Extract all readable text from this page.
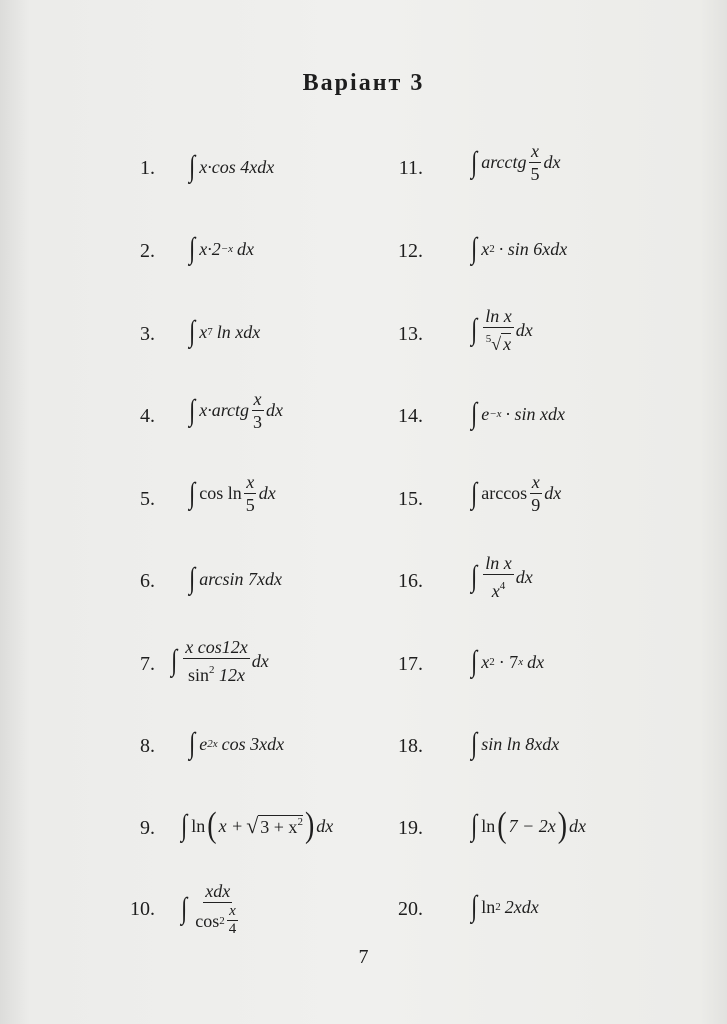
Варіант 3
1. ∫ x·cos 4xdx
2. ∫ x·2 −x dx
3. ∫ x 7 ln xdx
4. ∫ x·arctg $\frac{x}{3}$ dx
5. ∫ $\cos \ln \frac{x}{5}$ dx
6. ∫ arcsin 7xdx
7. ∫ $\frac{\text{x cos12x}}{\sin^2 12x}$ dx
8. ∫ e 2x cos 3xdx
9. ∫ ln ( x + √ $3 + x^2$ ) dx
10. ∫ $\frac{\text{xdx}}{\cos 2 \frac{x}{4}}$
11. ∫ arcctg $\frac{x}{5}$ dx
12. ∫ x 2 · sin 6xdx
13. ∫ $\frac{\text{ln x}}{^5√ x}$ dx
14. ∫ e −x · sin xdx
15. ∫ $\arccos \frac{x}{9}$ dx
16. ∫ $\frac{\text{ln x}}{x^4}$ dx
17. ∫ x 2 · 7 x dx
18. ∫ sin ln 8xdx
19. ∫ ln ( 7 − 2x ) dx
20. ∫ ln 2 2xdx
7
